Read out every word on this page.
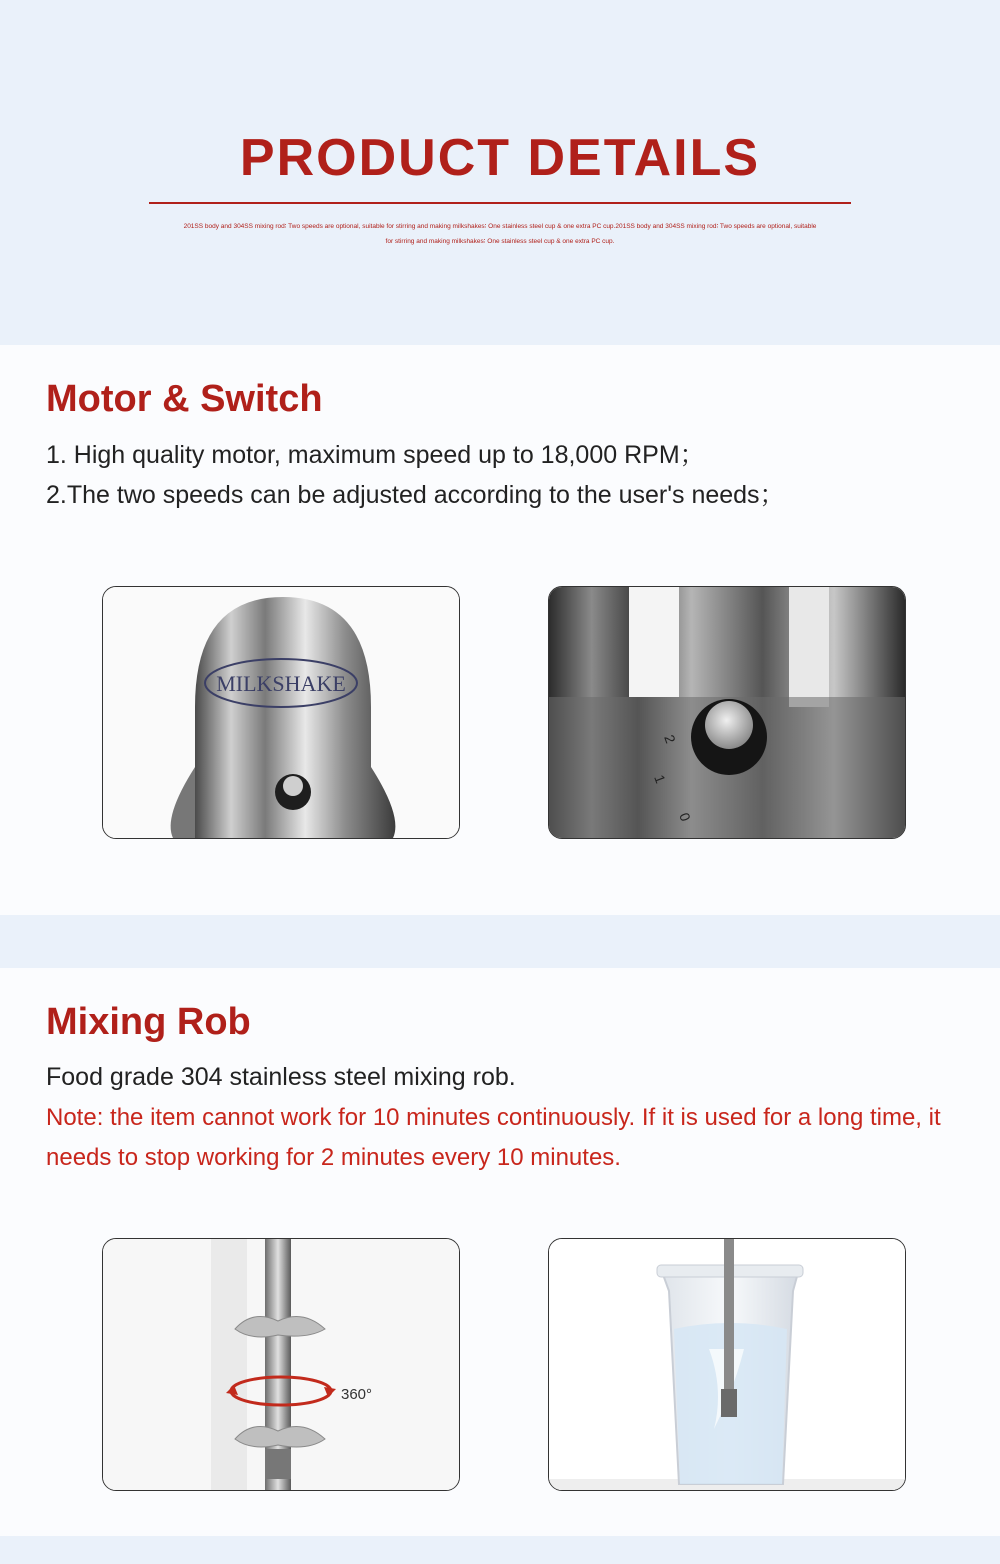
PRODUCT DETAILS
201SS body and 304SS mixing rod∶ Two speeds are optional, suitable for stirring and making milkshakes∶ One stainless steel cup & one extra PC cup.201SS body and 304SS mixing rod∶ Two speeds are optional, suitable for stirring and making milkshakes∶ One stainless steel cup & one extra PC cup.
Motor & Switch
1. High quality motor, maximum speed up to 18,000 RPM；
2.The two speeds can be adjusted according to the user's needs；
MILKSHAKE
2
1
0
Mixing Rob
Food grade 304 stainless steel mixing rob.
Note: the item cannot work for 10 minutes continuously. If it is used for a long time, it needs to stop working for 2 minutes every 10 minutes.
360°
